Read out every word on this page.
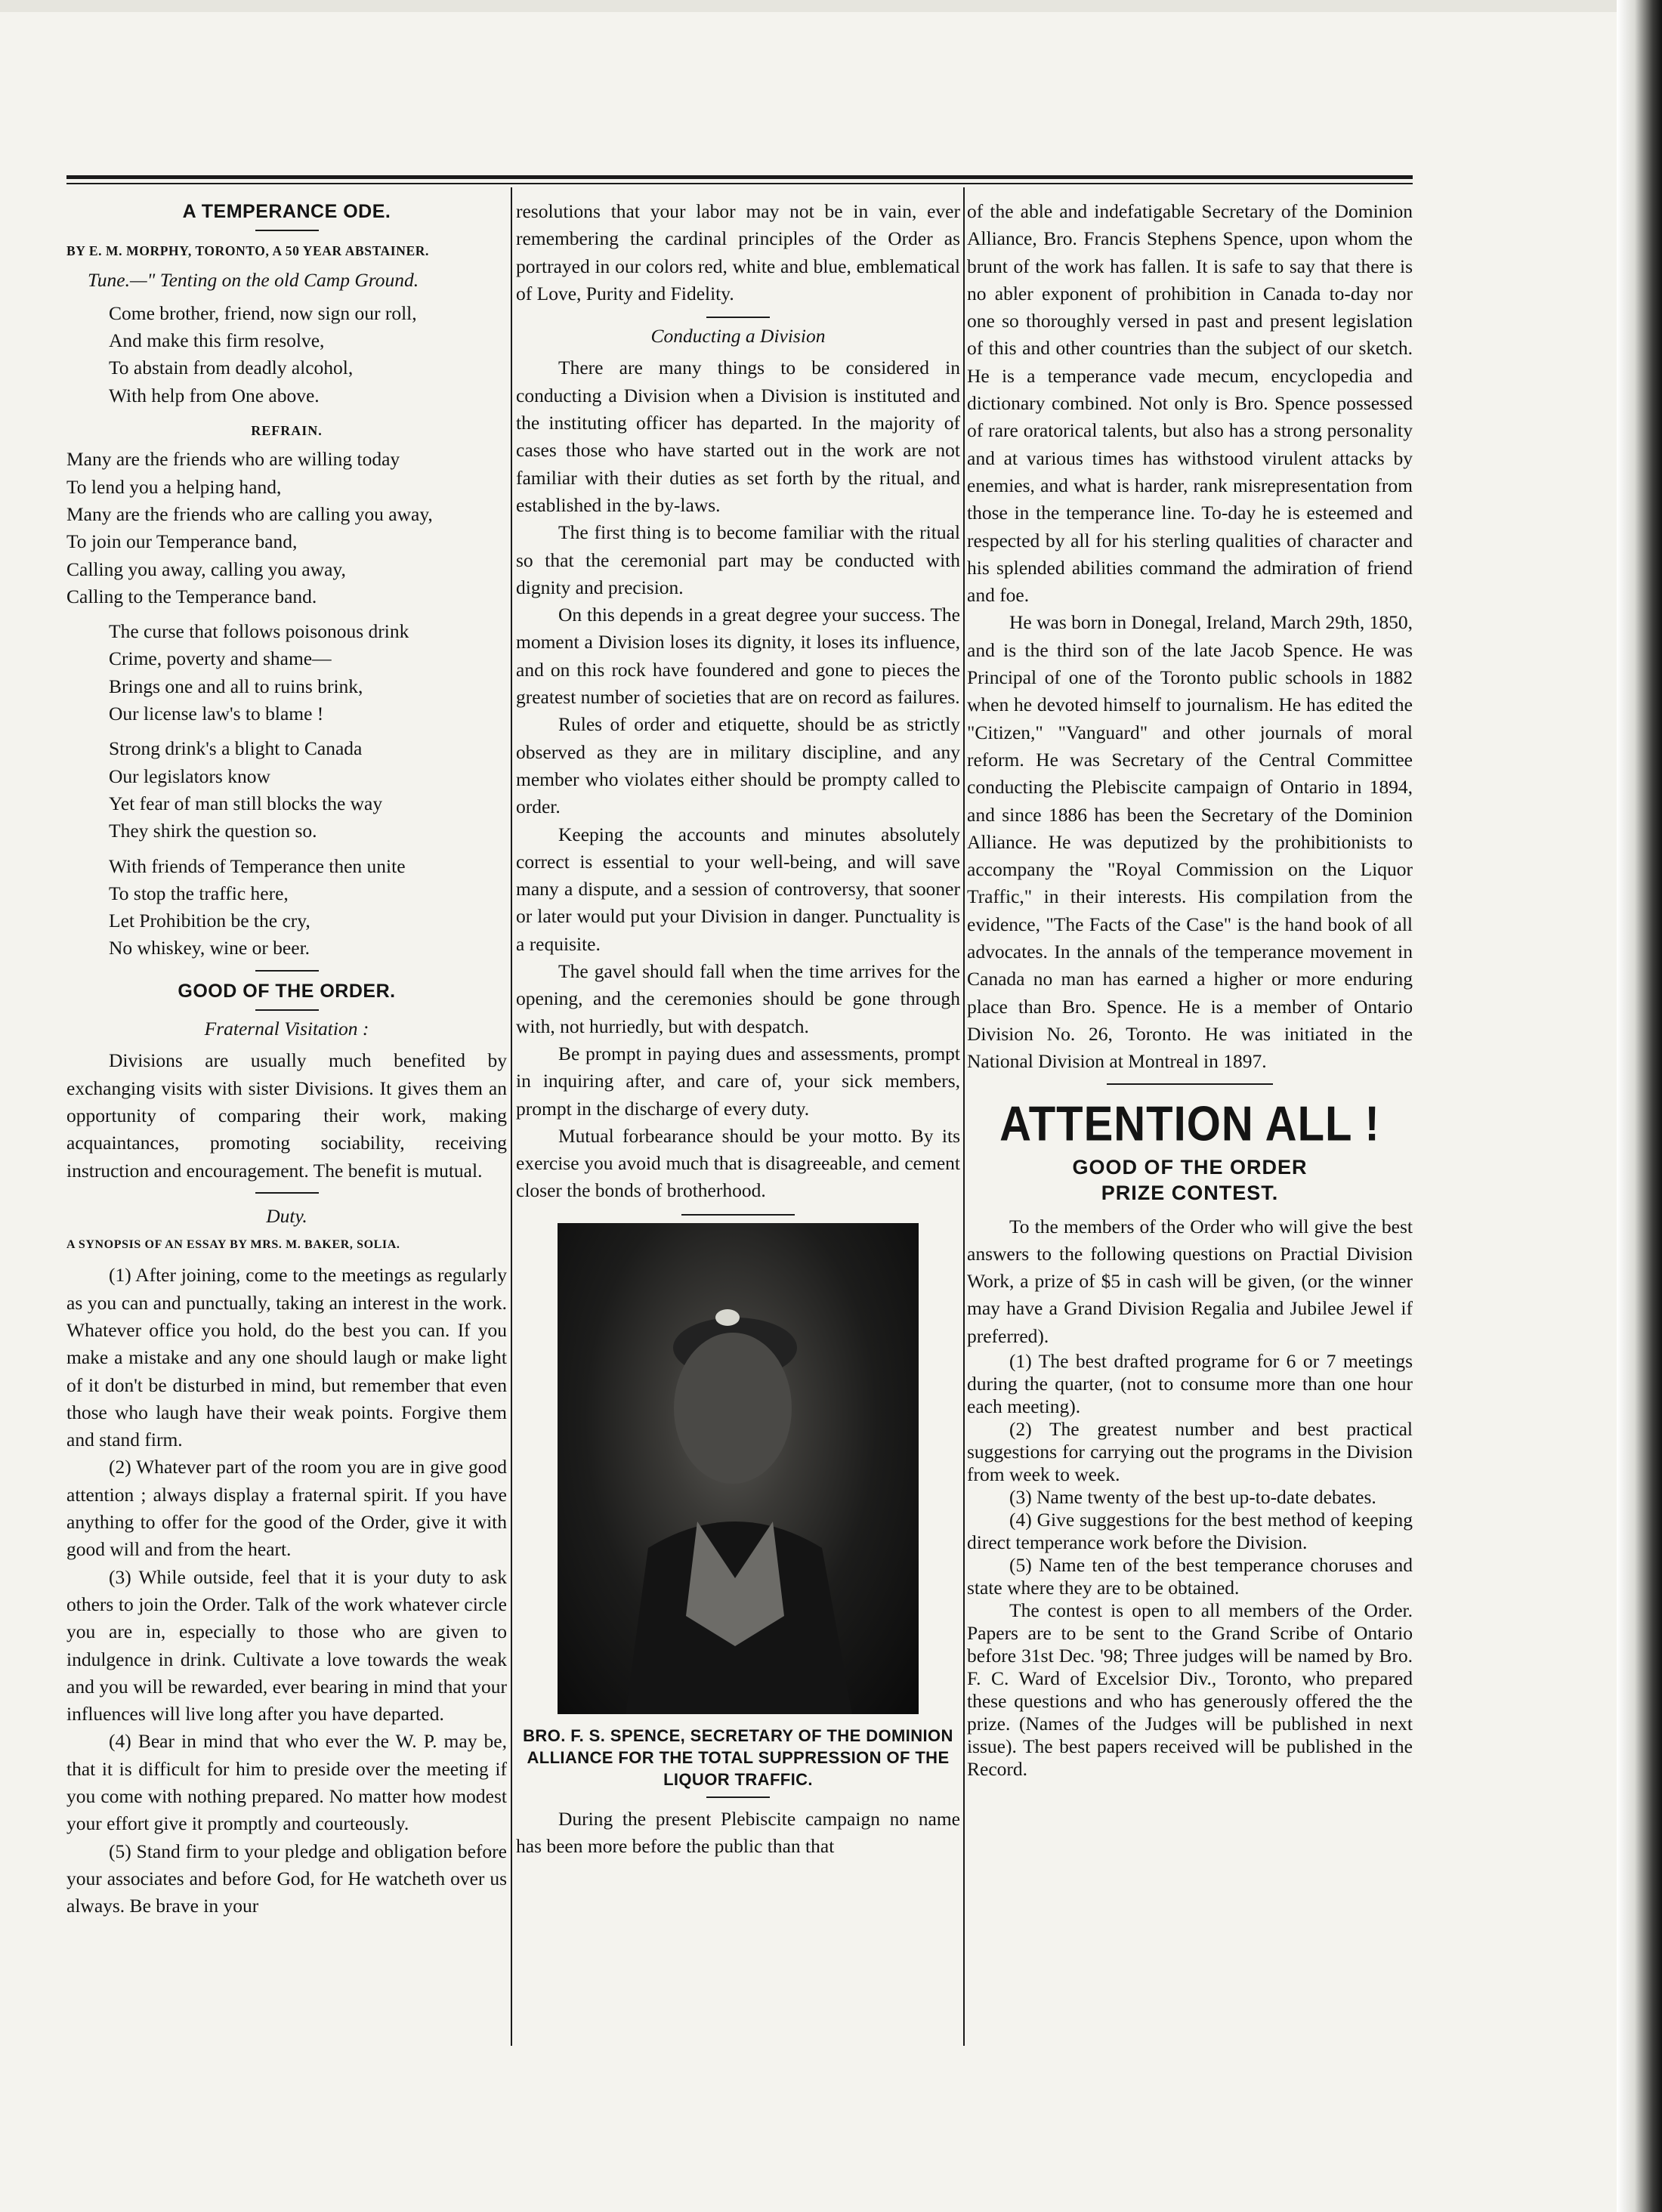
A TEMPERANCE ODE.
BY E. M. MORPHY, TORONTO, A 50 YEAR ABSTAINER.
Tune.—" Tenting on the old Camp Ground.
Come brother, friend, now sign our roll,
And make this firm resolve,
To abstain from deadly alcohol,
With help from One above.
REFRAIN.
Many are the friends who are willing today
To lend you a helping hand,
Many are the friends who are calling you away,
To join our Temperance band,
Calling you away, calling you away,
Calling to the Temperance band.
The curse that follows poisonous drink
Crime, poverty and shame—
Brings one and all to ruins brink,
Our license law's to blame !
Strong drink's a blight to Canada
Our legislators know
Yet fear of man still blocks the way
They shirk the question so.
With friends of Temperance then unite
To stop the traffic here,
Let Prohibition be the cry,
No whiskey, wine or beer.
GOOD OF THE ORDER.
Fraternal Visitation :

Divisions are usually much benefited by exchanging visits with sister Divisions. It gives them an opportunity of comparing their work, making acquaintances, promoting sociability, receiving instruction and encouragement. The benefit is mutual.

Duty.
A SYNOPSIS OF AN ESSAY BY MRS. M. BAKER, SOLIA.

(1) After joining, come to the meetings as regularly as you can and punctually, taking an interest in the work. Whatever office you hold, do the best you can. If you make a mistake and any one should laugh or make light of it don't be disturbed in mind, but remember that even those who laugh have their weak points. Forgive them and stand firm.

(2) Whatever part of the room you are in give good attention ; always display a fraternal spirit. If you have anything to offer for the good of the Order, give it with good will and from the heart.

(3) While outside, feel that it is your duty to ask others to join the Order. Talk of the work whatever circle you are in, especially to those who are given to indulgence in drink. Cultivate a love towards the weak and you will be rewarded, ever bearing in mind that your influences will live long after you have departed.

(4) Bear in mind that who ever the W. P. may be, that it is difficult for him to preside over the meeting if you come with nothing prepared. No matter how modest your effort give it promptly and courteously.

(5) Stand firm to your pledge and obligation before your associates and before God, for He watcheth over us always. Be brave in your

resolutions that your labor may not be in vain, ever remembering the cardinal principles of the Order as portrayed in our colors red, white and blue, emblematical of Love, Purity and Fidelity.

Conducting a Division

There are many things to be considered in conducting a Division when a Division is instituted and the instituting officer has departed. In the majority of cases those who have started out in the work are not familiar with their duties as set forth by the ritual, and established in the by-laws.

The first thing is to become familiar with the ritual so that the ceremonial part may be conducted with dignity and precision.

On this depends in a great degree your success. The moment a Division loses its dignity, it loses its influence, and on this rock have foundered and gone to pieces the greatest number of societies that are on record as failures.

Rules of order and etiquette, should be as strictly observed as they are in military discipline, and any member who violates either should be prompty called to order.

Keeping the accounts and minutes absolutely correct is essential to your well-being, and will save many a dispute, and a session of controversy, that sooner or later would put your Division in danger. Punctuality is a requisite.

The gavel should fall when the time arrives for the opening, and the ceremonies should be gone through with, not hurriedly, but with despatch.

Be prompt in paying dues and assessments, prompt in inquiring after, and care of, your sick members, prompt in the discharge of every duty.

Mutual forbearance should be your motto. By its exercise you avoid much that is disagreeable, and cement closer the bonds of brotherhood.

BRO. F. S. SPENCE, SECRETARY OF THE DOMINION ALLIANCE FOR THE TOTAL SUPPRESSION OF THE LIQUOR TRAFFIC.

During the present Plebiscite campaign no name has been more before the public than that

of the able and indefatigable Secretary of the Dominion Alliance, Bro. Francis Stephens Spence, upon whom the brunt of the work has fallen. It is safe to say that there is no abler exponent of prohibition in Canada to-day nor one so thoroughly versed in past and present legislation of this and other countries than the subject of our sketch. He is a temperance vade mecum, encyclopedia and dictionary combined. Not only is Bro. Spence possessed of rare oratorical talents, but also has a strong personality and at various times has withstood virulent attacks by enemies, and what is harder, rank misrepresentation from those in the temperance line. To-day he is esteemed and respected by all for his sterling qualities of character and his splended abilities command the admiration of friend and foe.

He was born in Donegal, Ireland, March 29th, 1850, and is the third son of the late Jacob Spence. He was Principal of one of the Toronto public schools in 1882 when he devoted himself to journalism. He has edited the "Citizen," "Vanguard" and other journals of moral reform. He was Secretary of the Central Committee conducting the Plebiscite campaign of Ontario in 1894, and since 1886 has been the Secretary of the Dominion Alliance. He was deputized by the prohibitionists to accompany the "Royal Commission on the Liquor Traffic," in their interests. His compilation from the evidence, "The Facts of the Case" is the hand book of all advocates. In the annals of the temperance movement in Canada no man has earned a higher or more enduring place than Bro. Spence. He is a member of Ontario Division No. 26, Toronto. He was initiated in the National Division at Montreal in 1897.

ATTENTION ALL !
GOOD OF THE ORDER
PRIZE CONTEST.

To the members of the Order who will give the best answers to the following questions on Practial Division Work, a prize of $5 in cash will be given, (or the winner may have a Grand Division Regalia and Jubilee Jewel if preferred).

(1) The best drafted programe for 6 or 7 meetings during the quarter, (not to consume more than one hour each meeting).

(2) The greatest number and best practical suggestions for carrying out the programs in the Division from week to week.

(3) Name twenty of the best up-to-date debates.

(4) Give suggestions for the best method of keeping direct temperance work before the Division.

(5) Name ten of the best temperance choruses and state where they are to be obtained.

The contest is open to all members of the Order. Papers are to be sent to the Grand Scribe of Ontario before 31st Dec. '98; Three judges will be named by Bro. F. C. Ward of Excelsior Div., Toronto, who prepared these questions and who has generously offered the the prize. (Names of the Judges will be published in next issue). The best papers received will be published in the Record.
